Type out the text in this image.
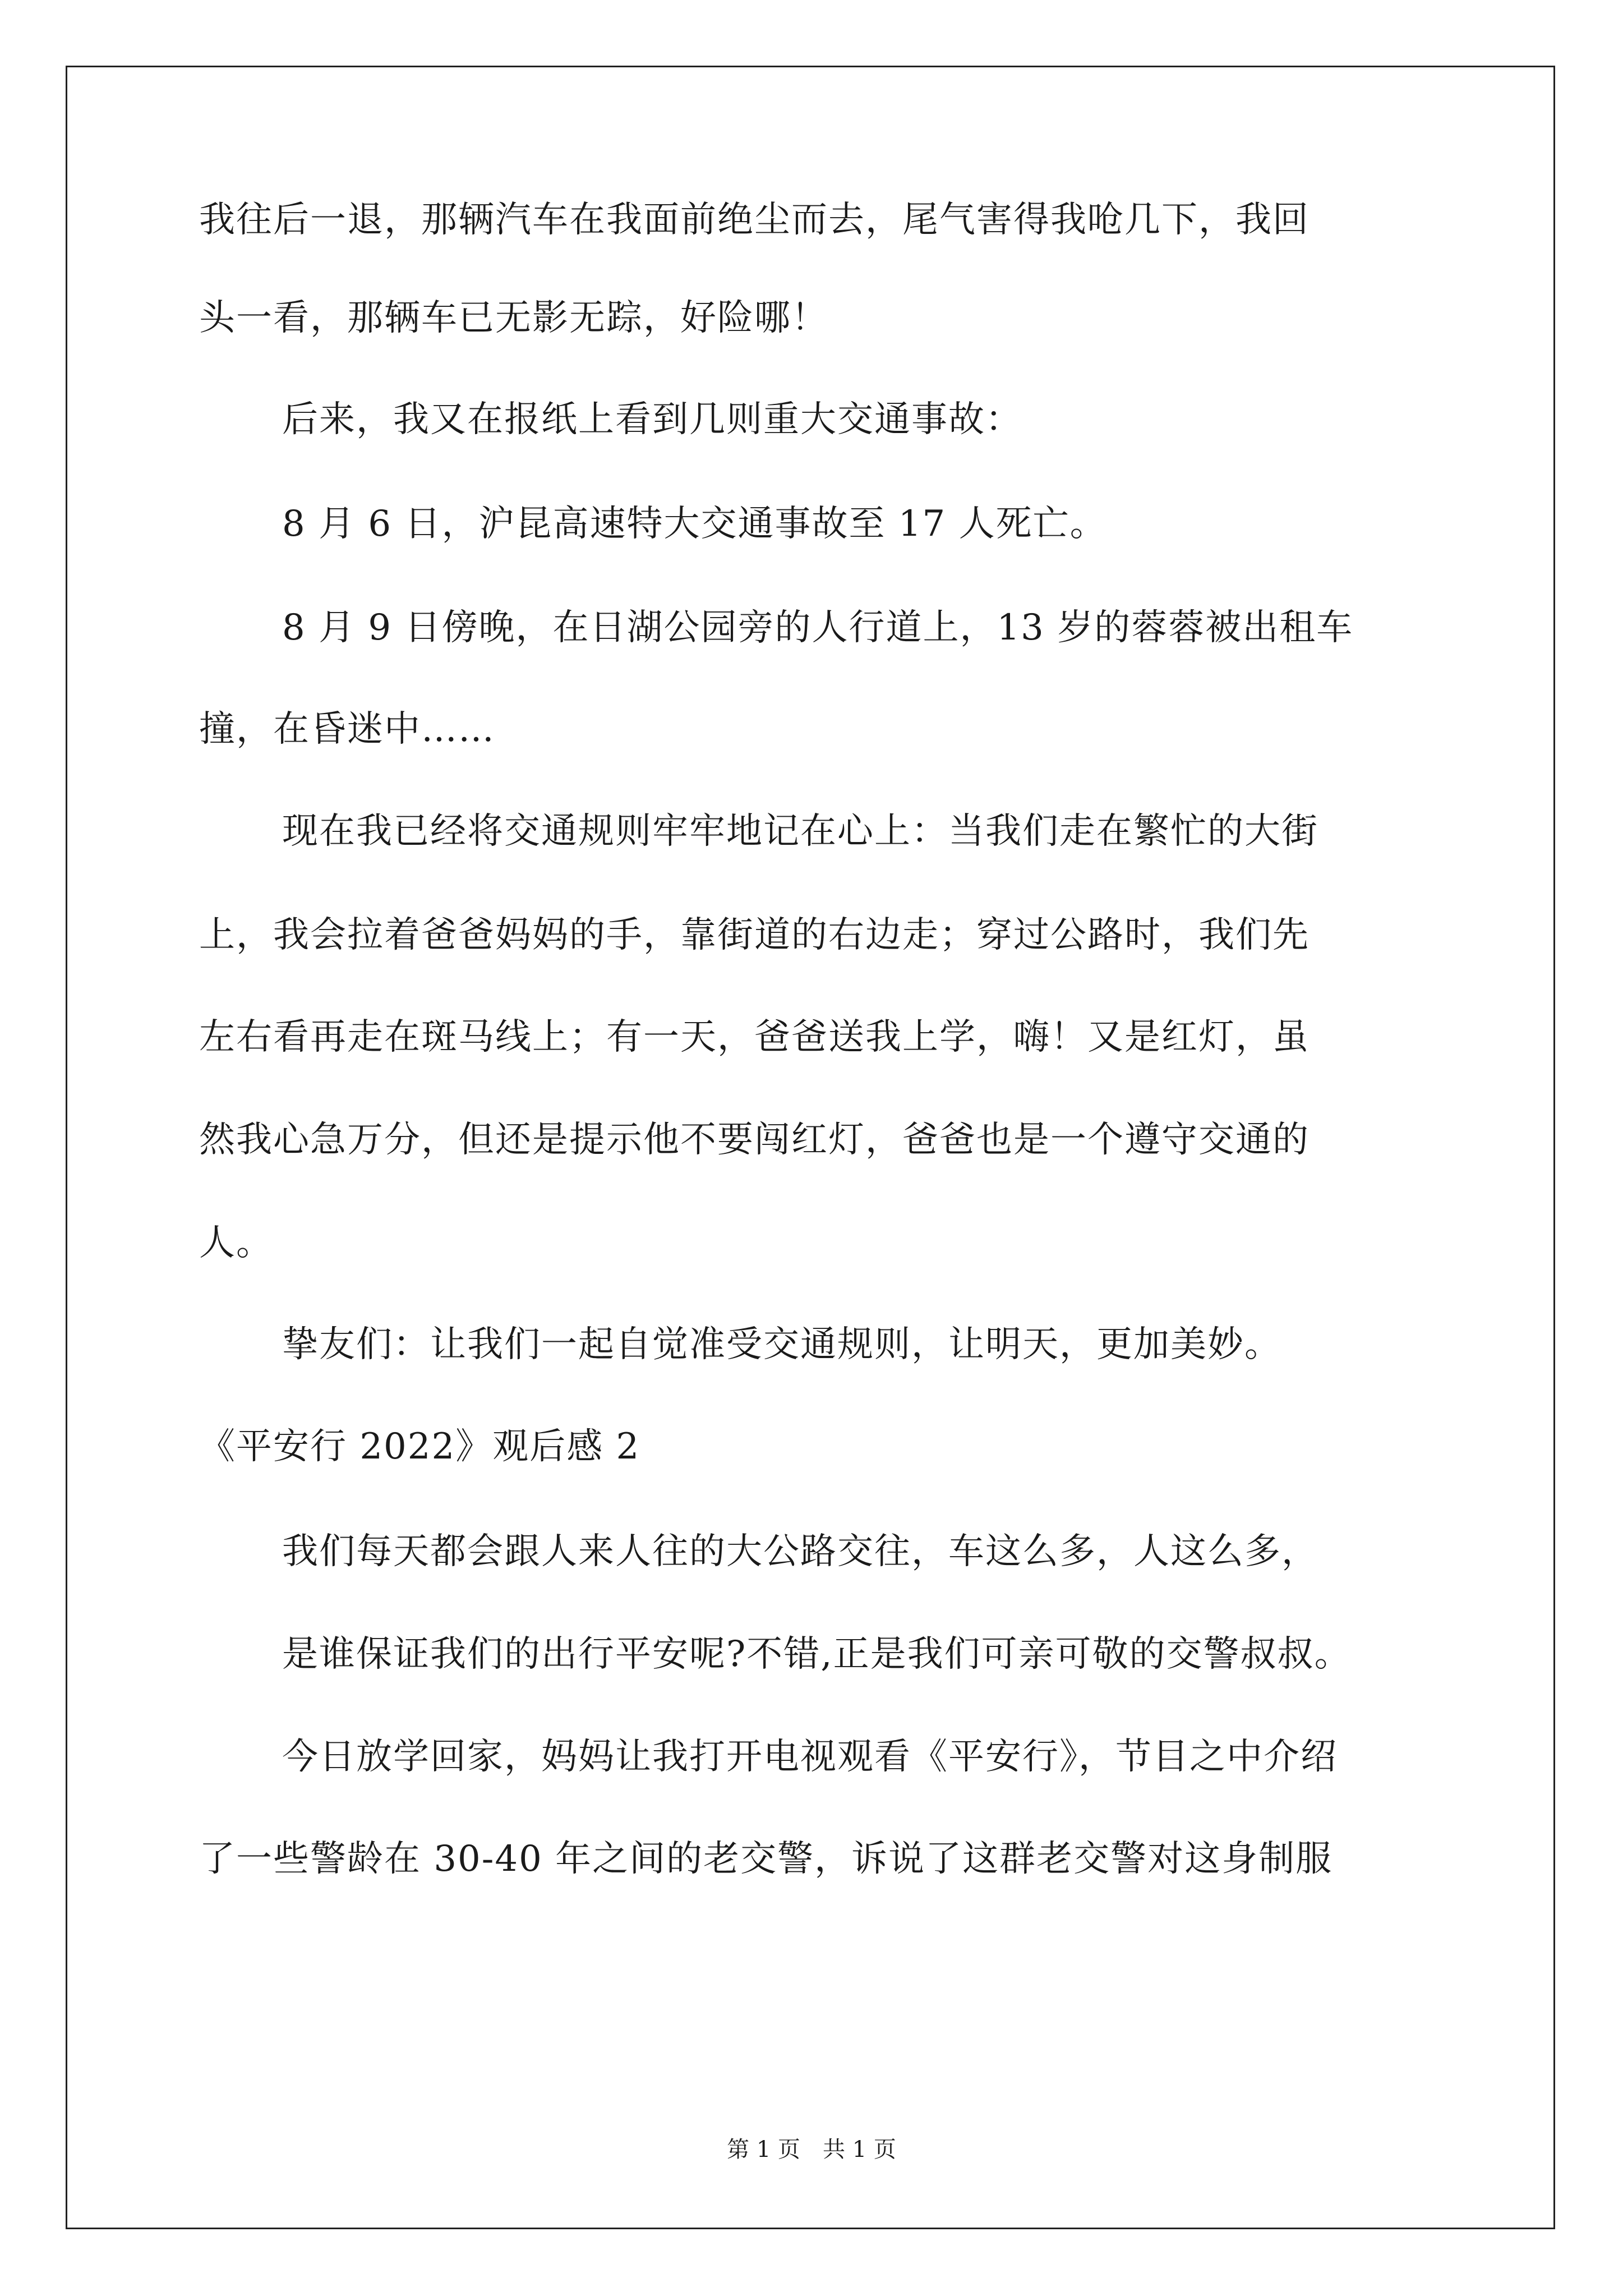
我往后一退，那辆汽车在我面前绝尘而去，尾气害得我呛几下，我回
头一看，那辆车已无影无踪，好险哪！
后来，我又在报纸上看到几则重大交通事故：
8 月 6 日，沪昆高速特大交通事故至 17 人死亡。
8 月 9 日傍晚，在日湖公园旁的人行道上，13 岁的蓉蓉被出租车
撞，在昏迷中……
现在我已经将交通规则牢牢地记在心上：当我们走在繁忙的大街
上，我会拉着爸爸妈妈的手，靠街道的右边走；穿过公路时，我们先
左右看再走在斑马线上；有一天，爸爸送我上学，嗨！又是红灯，虽
然我心急万分，但还是提示他不要闯红灯，爸爸也是一个遵守交通的
人。
挚友们：让我们一起自觉准受交通规则，让明天，更加美妙。
《平安行 2022》观后感 2
我们每天都会跟人来人往的大公路交往，车这么多，人这么多，
是谁保证我们的出行平安呢?不错,正是我们可亲可敬的交警叔叔。
今日放学回家，妈妈让我打开电视观看《平安行》，节目之中介绍
了一些警龄在 30-40 年之间的老交警，诉说了这群老交警对这身制服
第 1 页　共 1 页
